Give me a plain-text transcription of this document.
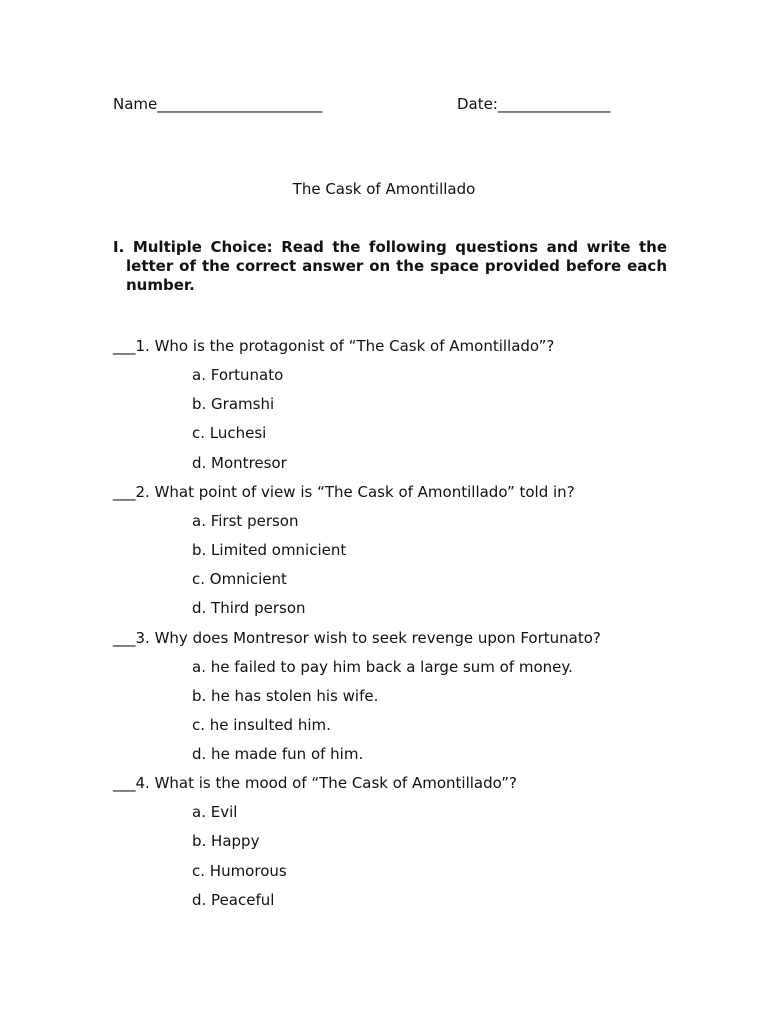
Name______________________	Date:_______________
The Cask of Amontillado
I. Multiple Choice: Read the following questions and write the letter of the correct answer on the space provided before each number.
___1. Who is the protagonist of “The Cask of Amontillado”?
a. Fortunato
b. Gramshi
c. Luchesi
d. Montresor
___2. What point of view is “The Cask of Amontillado” told in?
a. First person
b. Limited omnicient
c. Omnicient
d. Third person
___3. Why does Montresor wish to seek revenge upon Fortunato?
a. he failed to pay him back a large sum of money.
b. he has stolen his wife.
c. he insulted him.
d. he made fun of him.
___4. What is the mood of “The Cask of Amontillado”?
a. Evil
b. Happy
c. Humorous
d. Peaceful
